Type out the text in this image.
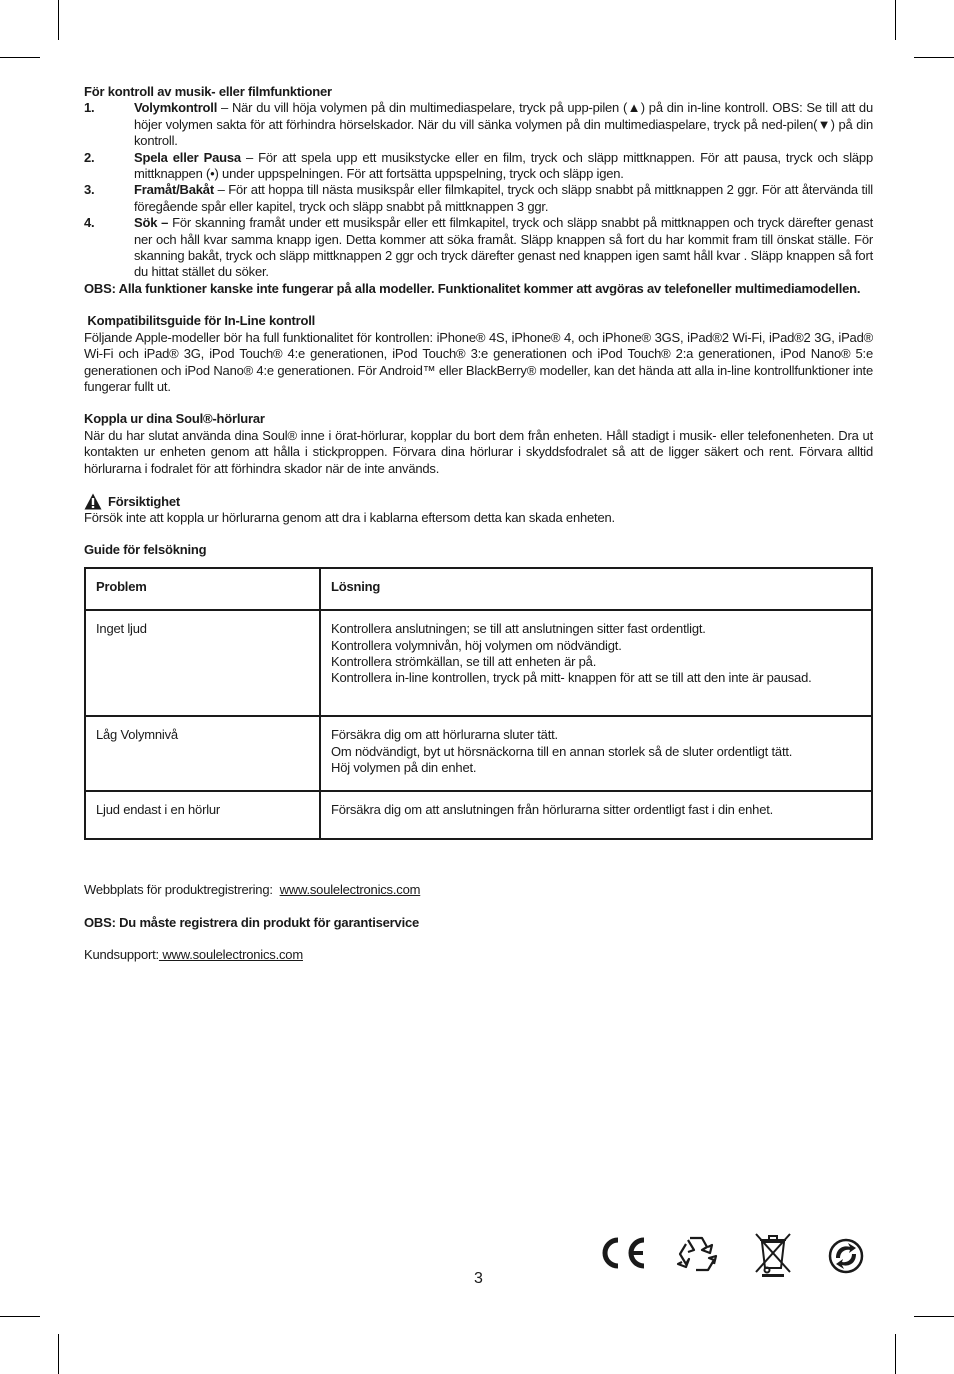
För kontroll av musik- eller filmfunktioner

1.	Volymkontroll – När du vill höja volymen på din multimediaspelare, tryck på upp-pilen (▲) på din in-line kontroll. OBS: Se till att du höjer volymen sakta för att förhindra hörselskador. När du vill sänka volymen på din multimediaspelare, tryck på ned-pilen(▼) på din kontroll.
2.	Spela eller Pausa – För att spela upp ett musikstycke eller en film, tryck och släpp mittknappen. För att pausa, tryck och släpp mittknappen (•) under uppspelningen. För att fortsätta uppspelning, tryck och släpp igen.
3.	Framåt/Bakåt – För att hoppa till nästa musikspår eller filmkapitel, tryck och släpp snabbt på mittknappen 2 ggr. För att återvända till föregående spår eller kapitel, tryck och släpp snabbt på mittknappen 3 ggr.
4.	Sök – För skanning framåt under ett musikspår eller ett filmkapitel, tryck och släpp snabbt på mittknappen och tryck därefter genast ner och håll kvar samma knapp igen. Detta kommer att söka framåt. Släpp knappen så fort du har kommit fram till önskat ställe. För skanning bakåt, tryck och släpp mittknappen 2 ggr och tryck därefter genast ned knappen igen samt håll kvar . Släpp knappen så fort du hittat stället du söker.

OBS: Alla funktioner kanske inte fungerar på alla modeller. Funktionalitet kommer att avgöras av telefoneller multimediamodellen.

Kompatibilitsguide för In-Line kontroll

Följande Apple-modeller bör ha full funktionalitet för kontrollen: iPhone® 4S, iPhone® 4, och iPhone® 3GS, iPad®2 Wi-Fi, iPad®2 3G, iPad® Wi-Fi och iPad® 3G, iPod Touch® 4:e generationen, iPod Touch® 3:e generationen och iPod Touch® 2:a generationen, iPod Nano® 5:e generationen och iPod Nano® 4:e generationen. För Android™ eller BlackBerry® modeller, kan det hända att alla in-line kontrollfunktioner inte fungerar fullt ut.

Koppla ur dina Soul®-hörlurar

När du har slutat använda dina Soul® inne i örat-hörlurar, kopplar du bort dem från enheten. Håll stadigt i musik- eller telefonenheten. Dra ut kontakten ur enheten genom att hålla i stickproppen. Förvara dina hörlurar i skyddsfodralet så att de ligger säkert och rent. Förvara alltid hörlurarna i fodralet för att förhindra skador när de inte används.

Försiktighet

Försök inte att koppla ur hörlurarna genom att dra i kablarna eftersom detta kan skada enheten.

Guide för felsökning

Problem	Lösning
Inget ljud	Kontrollera anslutningen; se till att anslutningen sitter fast ordentligt.
Kontrollera volymnivån, höj volymen om nödvändigt.
Kontrollera strömkällan, se till att enheten är på.
Kontrollera in-line kontrollen, tryck på mitt- knappen för att se till att den inte är pausad.

Låg Volymnivå	Försäkra dig om att hörlurarna sluter tätt.
Om nödvändigt, byt ut hörsnäckorna till en annan storlek så de sluter ordentligt tätt.
Höj volymen på din enhet.

Ljud endast i en hörlur	Försäkra dig om att anslutningen från hörlurarna sitter ordentligt fast i din enhet.

Webbplats för produktregistrering:  www.soulelectronics.com

OBS: Du måste registrera din produkt för garantiservice

Kundsupport: www.soulelectronics.com

3
